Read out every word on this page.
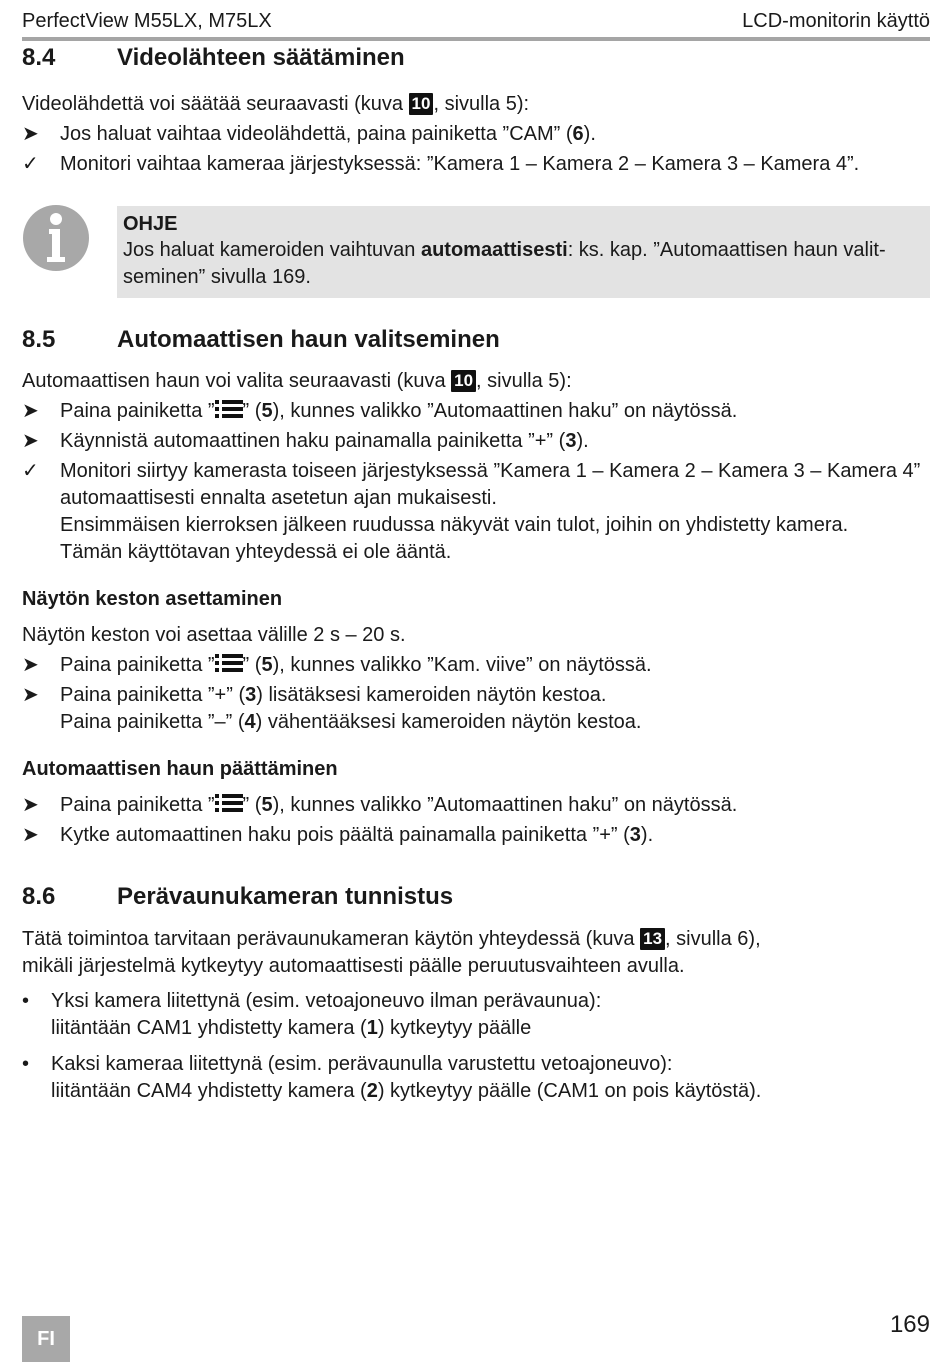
PerfectView M55LX, M75LX	LCD-monitorin käyttö
8.4	Videolähteen säätäminen
Videolähdettä voi säätää seuraavasti (kuva 10 , sivulla 5):
➤	Jos haluat vaihtaa videolähdettä, paina painiketta ”CAM” (6).
✓	Monitori vaihtaa kameraa järjestyksessä: ”Kamera 1 – Kamera 2 – Kamera 3 – Kamera 4”.
OHJE
Jos haluat kameroiden vaihtuvan automaattisesti: ks. kap. ”Automaattisen haun valit-
seminen” sivulla 169.
8.5	Automaattisen haun valitseminen
Automaattisen haun voi valita seuraavasti (kuva 10 , sivulla 5):
➤	Paina painiketta ” ” (5), kunnes valikko ”Automaattinen haku” on näytössä.
➤	Käynnistä automaattinen haku painamalla painiketta ”+” (3).
✓	Monitori siirtyy kamerasta toiseen järjestyksessä ”Kamera 1 – Kamera 2 – Kamera 3 – Kamera 4”
automaattisesti ennalta asetetun ajan mukaisesti.
Ensimmäisen kierroksen jälkeen ruudussa näkyvät vain tulot, joihin on yhdistetty kamera.
Tämän käyttötavan yhteydessä ei ole ääntä.
Näytön keston asettaminen
Näytön keston voi asettaa välille 2 s – 20 s.
➤	Paina painiketta ” ” (5), kunnes valikko ”Kam. viive” on näytössä.
➤	Paina painiketta ”+” (3) lisätäksesi kameroiden näytön kestoa.
Paina painiketta ”–” (4) vähentääksesi kameroiden näytön kestoa.
Automaattisen haun päättäminen
➤	Paina painiketta ” ” (5), kunnes valikko ”Automaattinen haku” on näytössä.
➤	Kytke automaattinen haku pois päältä painamalla painiketta ”+” (3).
8.6	Perävaunukameran tunnistus
Tätä toimintoa tarvitaan perävaunukameran käytön yhteydessä (kuva 13 , sivulla 6),
mikäli järjestelmä kytkeytyy automaattisesti päälle peruutusvaihteen avulla.
•	Yksi kamera liitettynä (esim. vetoajoneuvo ilman perävaunua):
liitäntään CAM1 yhdistetty kamera (1) kytkeytyy päälle
•	Kaksi kameraa liitettynä (esim. perävaunulla varustettu vetoajoneuvo):
liitäntään CAM4 yhdistetty kamera (2) kytkeytyy päälle (CAM1 on pois käytöstä).
FI
169
